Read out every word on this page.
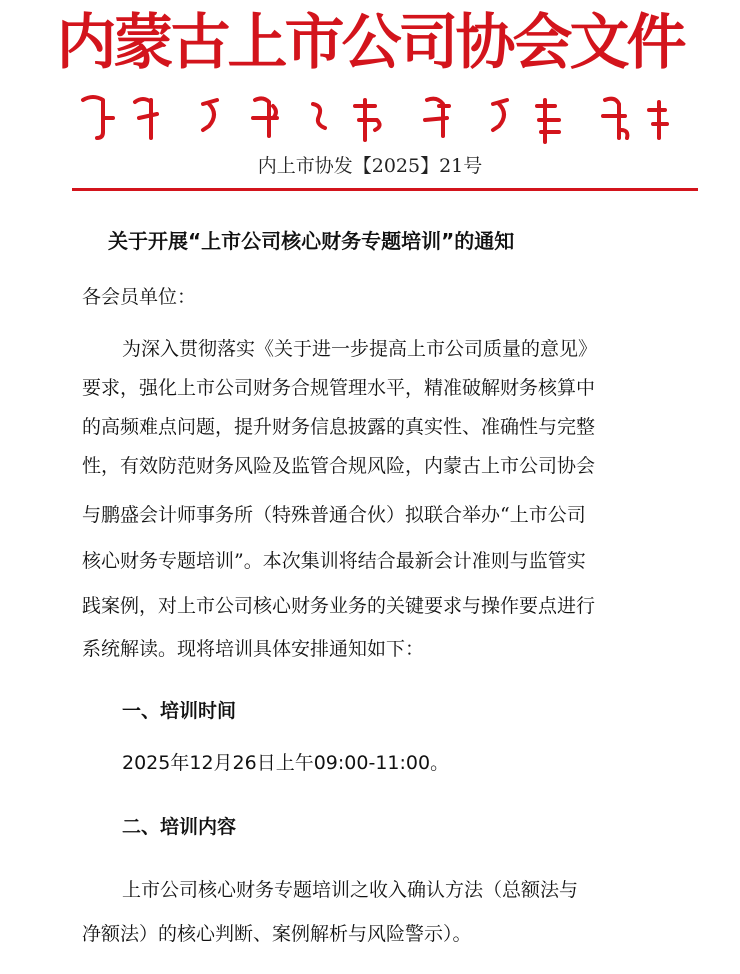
内蒙古上市公司协会文件
内上市协发【2025】21号
关于开展“上市公司核心财务专题培训”的通知
各会员单位：
为深入贯彻落实《关于进一步提高上市公司质量的意见》
要求，强化上市公司财务合规管理水平，精准破解财务核算中
的高频难点问题，提升财务信息披露的真实性、准确性与完整
性，有效防范财务风险及监管合规风险，内蒙古上市公司协会
与鹏盛会计师事务所（特殊普通合伙）拟联合举办“上市公司
核心财务专题培训”。本次集训将结合最新会计准则与监管实
践案例，对上市公司核心财务业务的关键要求与操作要点进行
系统解读。现将培训具体安排通知如下：
一、培训时间
2025年12月26日上午09:00-11:00。
二、培训内容
上市公司核心财务专题培训之收入确认方法（总额法与
净额法）的核心判断、案例解析与风险警示）。
